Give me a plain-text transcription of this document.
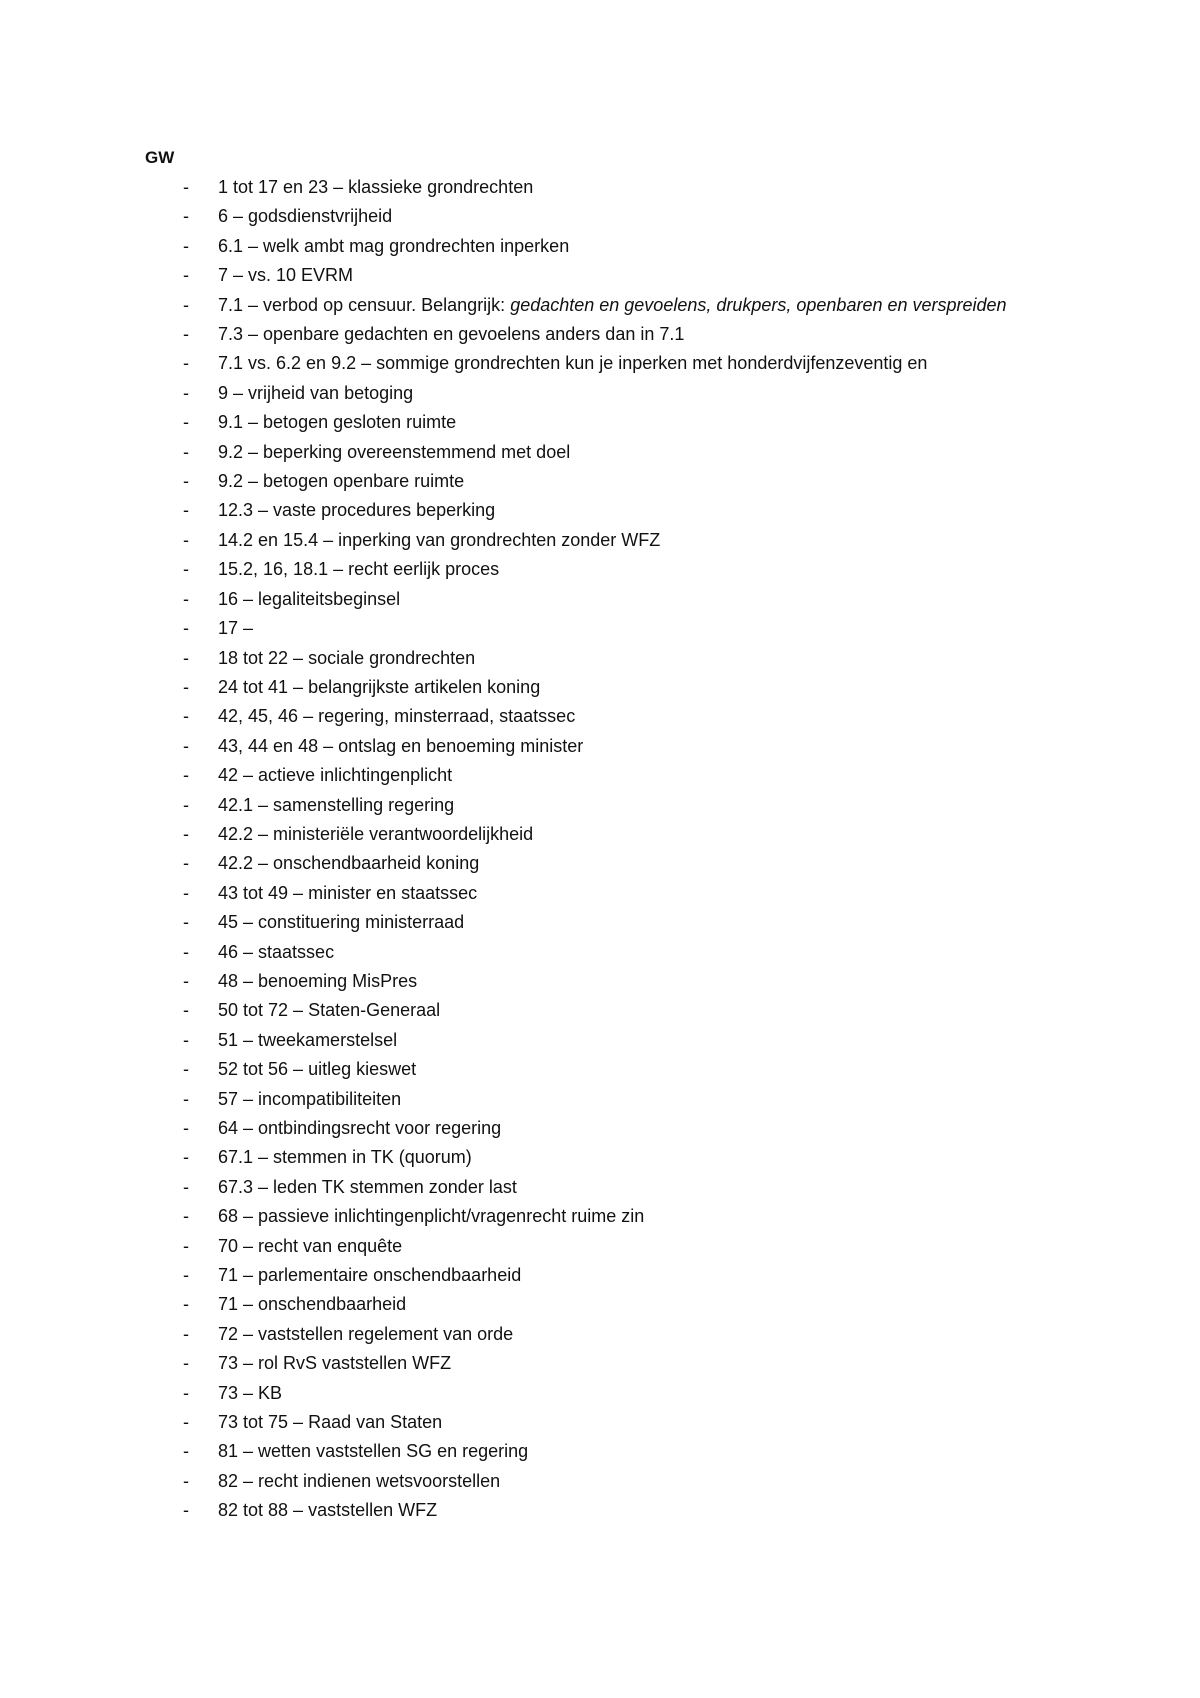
GW
- 1 tot 17 en 23 – klassieke grondrechten
- 6 – godsdienstvrijheid
- 6.1 – welk ambt mag grondrechten inperken
- 7 – vs. 10 EVRM
- 7.1 – verbod op censuur. Belangrijk: gedachten en gevoelens, drukpers, openbaren en verspreiden
- 7.3 – openbare gedachten en gevoelens anders dan in 7.1
- 7.1 vs. 6.2 en 9.2 – sommige grondrechten kun je inperken met honderdvijfenzeventig en
- 9 – vrijheid van betoging
- 9.1 – betogen gesloten ruimte
- 9.2 – beperking overeenstemmend met doel
- 9.2 – betogen openbare ruimte
- 12.3 – vaste procedures beperking
- 14.2 en 15.4 – inperking van grondrechten zonder WFZ
- 15.2, 16, 18.1 – recht eerlijk proces
- 16 – legaliteitsbeginsel
- 17 –
- 18 tot 22 – sociale grondrechten
- 24 tot 41 – belangrijkste artikelen koning
- 42, 45, 46 – regering, minsterraad, staatssec
- 43, 44 en 48 – ontslag en benoeming minister
- 42 – actieve inlichtingenplicht
- 42.1 – samenstelling regering
- 42.2 – ministeriële verantwoordelijkheid
- 42.2 – onschendbaarheid koning
- 43 tot 49 – minister en staatssec
- 45 – constituering ministerraad
- 46 – staatssec
- 48 – benoeming MisPres
- 50 tot 72 – Staten-Generaal
- 51 – tweekamerstelsel
- 52 tot 56 – uitleg kieswet
- 57 – incompatibiliteiten
- 64 – ontbindingsrecht voor regering
- 67.1 – stemmen in TK (quorum)
- 67.3 – leden TK stemmen zonder last
- 68 – passieve inlichtingenplicht/vragenrecht ruime zin
- 70 – recht van enquête
- 71 – parlementaire onschendbaarheid
- 71 – onschendbaarheid
- 72 – vaststellen regelement van orde
- 73 – rol RvS vaststellen WFZ
- 73 – KB
- 73 tot 75 – Raad van Staten
- 81 – wetten vaststellen SG en regering
- 82 – recht indienen wetsvoorstellen
- 82 tot 88 – vaststellen WFZ
